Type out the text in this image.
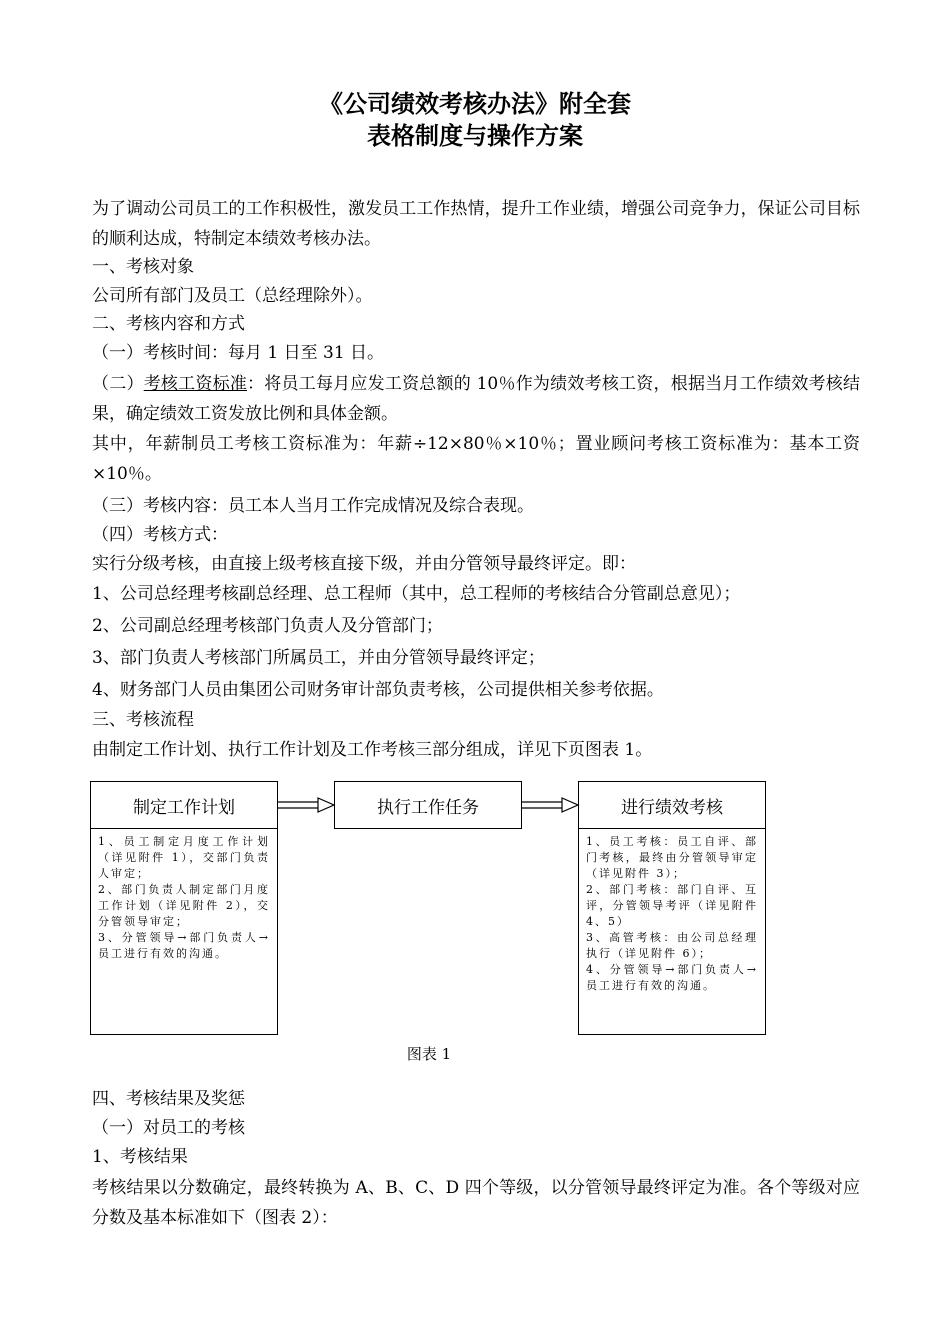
《公司绩效考核办法》附全套
表格制度与操作方案
为了调动公司员工的工作积极性，激发员工工作热情，提升工作业绩，增强公司竞争力，保证公司目标的顺利达成，特制定本绩效考核办法。
一、考核对象
公司所有部门及员工（总经理除外）。
二、考核内容和方式
（一）考核时间：每月 1 日至 31 日。
（二）考核工资标准：将员工每月应发工资总额的 10％作为绩效考核工资，根据当月工作绩效考核结果，确定绩效工资发放比例和具体金额。
其中，年薪制员工考核工资标准为：年薪÷12×80％×10％；置业顾问考核工资标准为：基本工资×10％。
（三）考核内容：员工本人当月工作完成情况及综合表现。
（四）考核方式：
实行分级考核，由直接上级考核直接下级，并由分管领导最终评定。即：
1、公司总经理考核副总经理、总工程师（其中，总工程师的考核结合分管副总意见）；
2、公司副总经理考核部门负责人及分管部门；
3、部门负责人考核部门所属员工，并由分管领导最终评定；
4、财务部门人员由集团公司财务审计部负责考核，公司提供相关参考依据。
三、考核流程
由制定工作计划、执行工作计划及工作考核三部分组成，详见下页图表 1。
制定工作计划
1、员工制定月度工作计划（详见附件 1），交部门负责人审定；
2、部门负责人制定部门月度工作计划（详见附件 2），交分管领导审定；
3、分管领导→部门负责人→员工进行有效的沟通。
执行工作任务	进行绩效考核
1、员工考核：员工自评、部门考核，最终由分管领导审定（详见附件 3）；
2、部门考核：部门自评、互评，分管领导考评（详见附件 4、5）
3、高管考核：由公司总经理执行（详见附件 6）；
4、分管领导→部门负责人→员工进行有效的沟通。
图表 1
四、考核结果及奖惩
（一）对员工的考核
1、考核结果
考核结果以分数确定，最终转换为 A、B、C、D 四个等级，以分管领导最终评定为准。各个等级对应分数及基本标准如下（图表 2）：
